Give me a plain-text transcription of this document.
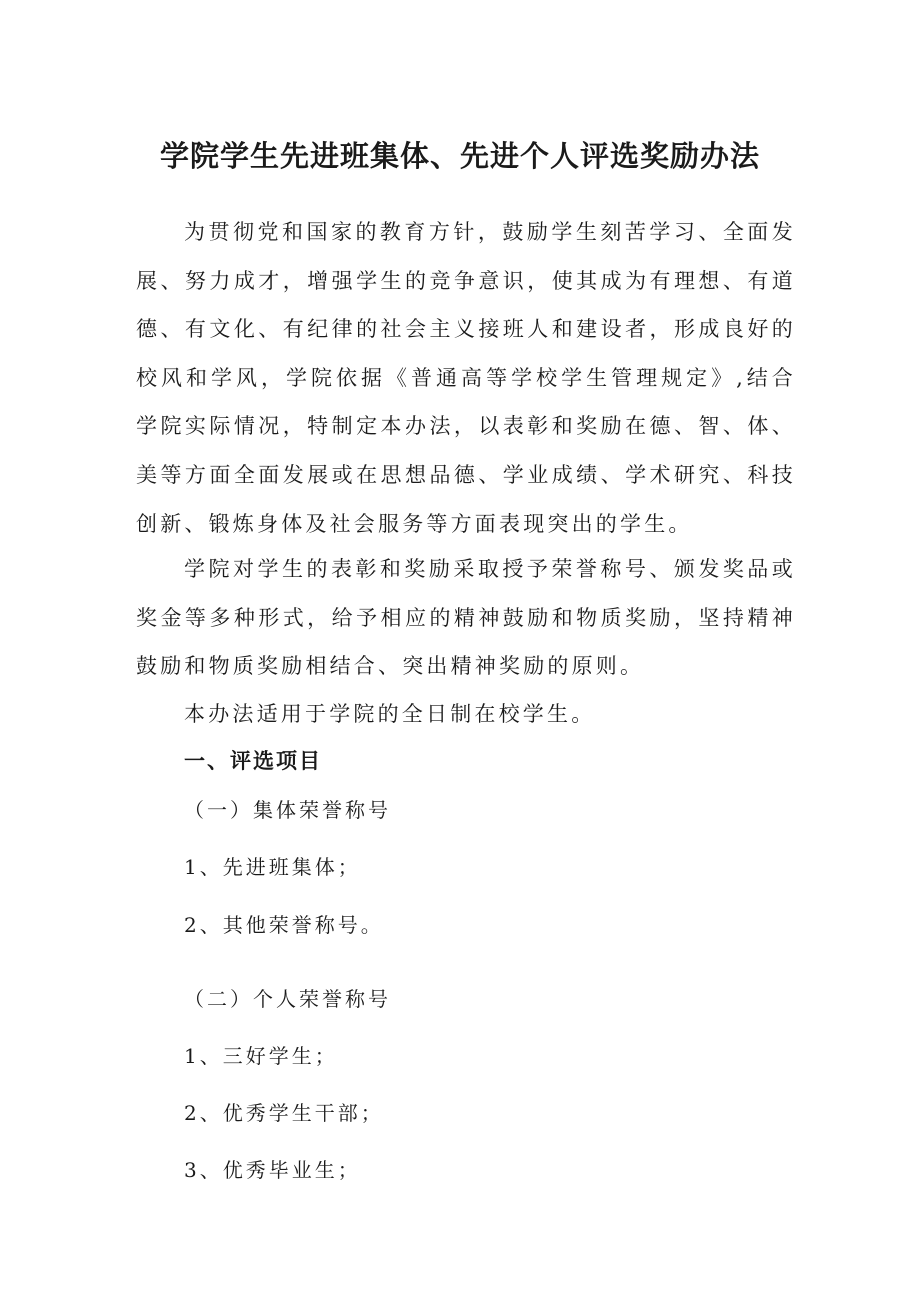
学院学生先进班集体、先进个人评选奖励办法

为贯彻党和国家的教育方针，鼓励学生刻苦学习、全面发展、努力成才，增强学生的竞争意识，使其成为有理想、有道德、有文化、有纪律的社会主义接班人和建设者，形成良好的校风和学风，学院依据《普通高等学校学生管理规定》,结合学院实际情况，特制定本办法，以表彰和奖励在德、智、体、美等方面全面发展或在思想品德、学业成绩、学术研究、科技创新、锻炼身体及社会服务等方面表现突出的学生。

学院对学生的表彰和奖励采取授予荣誉称号、颁发奖品或奖金等多种形式，给予相应的精神鼓励和物质奖励，坚持精神鼓励和物质奖励相结合、突出精神奖励的原则。

本办法适用于学院的全日制在校学生。

一、评选项目
（一）集体荣誉称号
1、先进班集体；
2、其他荣誉称号。
（二）个人荣誉称号
1、三好学生；
2、优秀学生干部；
3、优秀毕业生；
